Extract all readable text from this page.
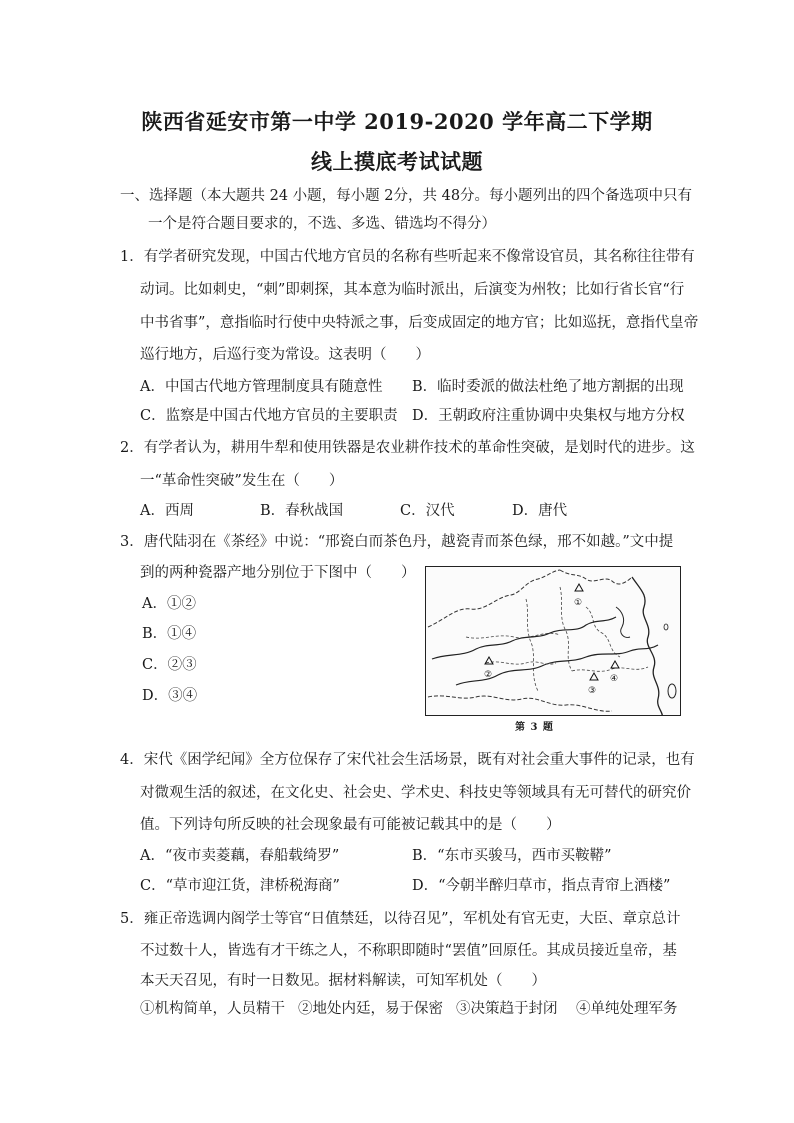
陕西省延安市第一中学 2019-2020 学年高二下学期
线上摸底考试试题
一、选择题（本大题共 24 小题，每小题 2分，共 48分。每小题列出的四个备选项中只有
一个是符合题目要求的，不选、多选、错选均不得分）
1．有学者研究发现，中国古代地方官员的名称有些听起来不像常设官员，其名称往往带有
动词。比如刺史，“刺”即刺探，其本意为临时派出，后演变为州牧；比如行省长官“行
中书省事”，意指临时行使中央特派之事，后变成固定的地方官；比如巡抚，意指代皇帝
巡行地方，后巡行变为常设。这表明（　　）
A．中国古代地方管理制度具有随意性 B．临时委派的做法杜绝了地方割据的出现
C．监察是中国古代地方官员的主要职责 D．王朝政府注重协调中央集权与地方分权
2．有学者认为，耕用牛犁和使用铁器是农业耕作技术的革命性突破，是划时代的进步。这
一“革命性突破”发生在（　　）
A．西周	B．春秋战国	C．汉代	D．唐代
3．唐代陆羽在《茶经》中说：“邢瓷白而茶色丹，越瓷青而茶色绿，邢不如越。”文中提
到的两种瓷器产地分别位于下图中（　　）
A．①②
B．①④
C．②③
D．③④
①
②
③
④
第 3 题
4．宋代《困学纪闻》全方位保存了宋代社会生活场景，既有对社会重大事件的记录，也有
对微观生活的叙述，在文化史、社会史、学术史、科技史等领域具有无可替代的研究价
值。下列诗句所反映的社会现象最有可能被记载其中的是（　　）
A．“夜市卖菱藕，春船载绮罗”	B．“东市买骏马，西市买鞍鞯”
C．“草市迎江货，津桥税海商”	D．“今朝半醉归草市，指点青帘上酒楼”
5．雍正帝选调内阁学士等官“日值禁廷，以待召见”，军机处有官无吏，大臣、章京总计
不过数十人，皆选有才干练之人，不称职即随时“罢值”回原任。其成员接近皇帝，基
本天天召见，有时一日数见。据材料解读，可知军机处（　　）
①机构简单，人员精干 ②地处内廷，易于保密 ③决策趋于封闭 ④单纯处理军务
